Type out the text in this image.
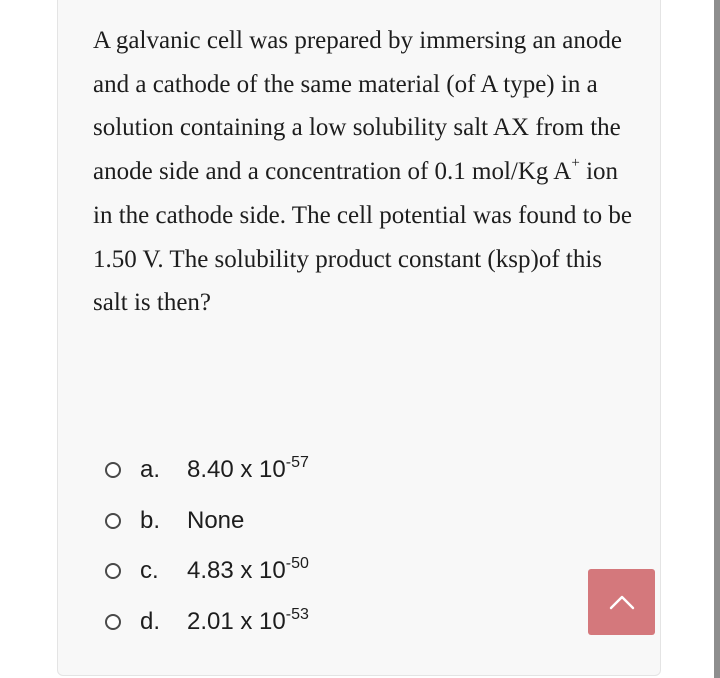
A galvanic cell was prepared by immersing an anode and a cathode of the same material (of A type) in a solution containing a low solubility salt AX from the anode side and a concentration of 0.1 mol/Kg A+ ion in the cathode side. The cell potential was found to be 1.50 V. The solubility product constant (ksp)of this salt is then?

a. 8.40 x $10^{-57}$
b. None
c. 4.83 x $10^{-50}$
d. 2.01 x $10^{-53}$
